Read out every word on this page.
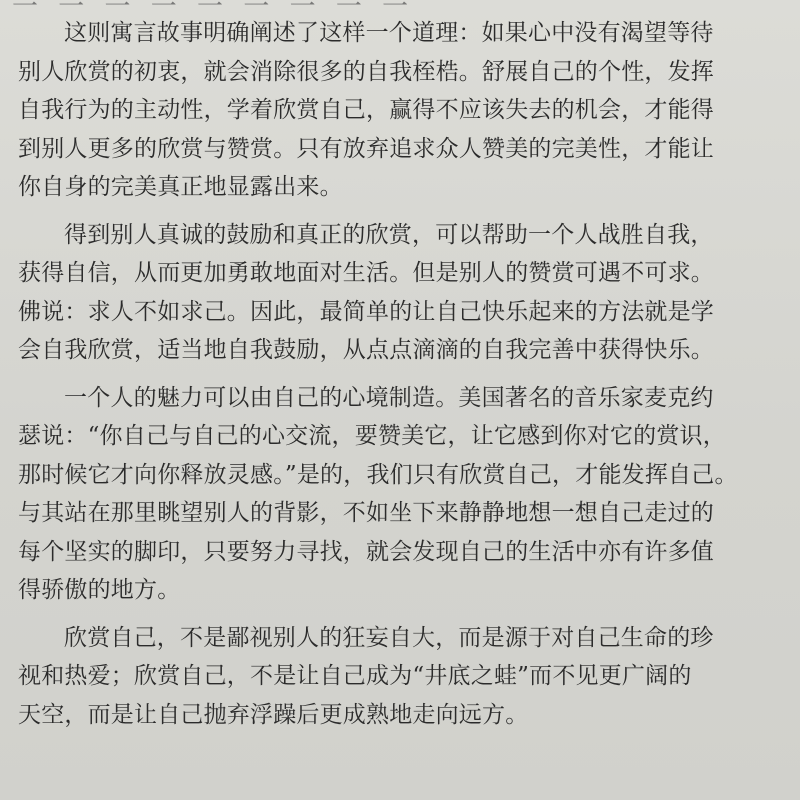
一 一 一 一 一 一 一 一 一
这则寓言故事明确阐述了这样一个道理：如果心中没有渴望等待
别人欣赏的初衷，就会消除很多的自我桎梏。舒展自己的个性，发挥
自我行为的主动性，学着欣赏自己，赢得不应该失去的机会，才能得
到别人更多的欣赏与赞赏。只有放弃追求众人赞美的完美性，才能让
你自身的完美真正地显露出来。
得到别人真诚的鼓励和真正的欣赏，可以帮助一个人战胜自我，
获得自信，从而更加勇敢地面对生活。但是别人的赞赏可遇不可求。
佛说：求人不如求己。因此，最简单的让自己快乐起来的方法就是学
会自我欣赏，适当地自我鼓励，从点点滴滴的自我完善中获得快乐。
一个人的魅力可以由自己的心境制造。美国著名的音乐家麦克约
瑟说：“你自己与自己的心交流，要赞美它，让它感到你对它的赏识，
那时候它才向你释放灵感。”是的，我们只有欣赏自己，才能发挥自己。
与其站在那里眺望别人的背影，不如坐下来静静地想一想自己走过的
每个坚实的脚印，只要努力寻找，就会发现自己的生活中亦有许多值
得骄傲的地方。
欣赏自己，不是鄙视别人的狂妄自大，而是源于对自己生命的珍
视和热爱；欣赏自己，不是让自己成为“井底之蛙”而不见更广阔的
天空，而是让自己抛弃浮躁后更成熟地走向远方。
